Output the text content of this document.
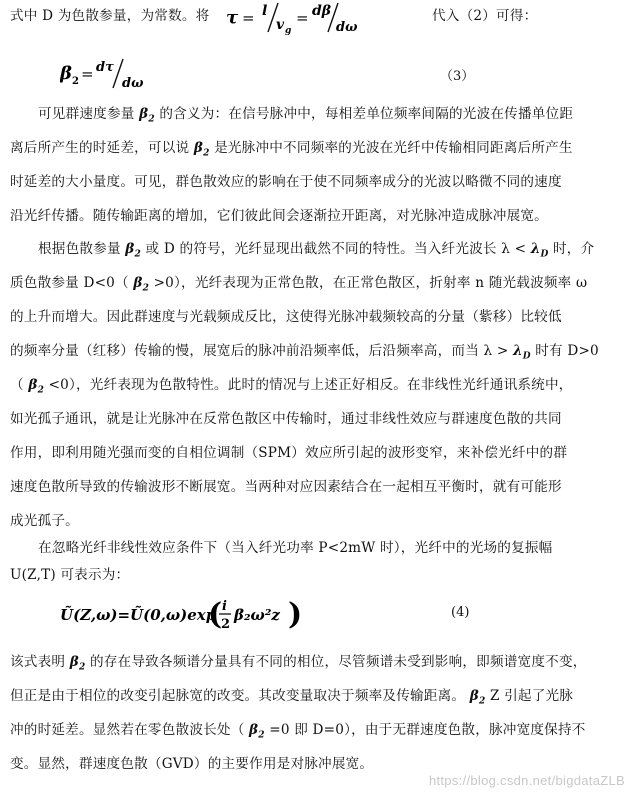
式中 D 为色散参量，为常数。将 τ = l
v g
= dβ
dω
代入（2）可得：
β 2 = dτ
dω	（3）
可见群速度参量 $\beta_2$ 的含义为：在信号脉冲中，每相差单位频率间隔的光波在传播单位距
离后所产生的时延差，可以说 $\beta_2$ 是光脉冲中不同频率的光波在光纤中传输相同距离后所产生
时延差的大小量度。可见，群色散效应的影响在于使不同频率成分的光波以略微不同的速度
沿光纤传播。随传输距离的增加，它们彼此间会逐渐拉开距离，对光脉冲造成脉冲展宽。
根据色散参量 $\beta_2$ 或 D 的符号，光纤显现出截然不同的特性。当入纤光波长 $\lambda < \lambda_D$ 时，介
质色散参量 D<0（ $\beta_2 >0$），光纤表现为正常色散，在正常色散区，折射率 n 随光载波频率 ω
的上升而增大。因此群速度与光载频成反比，这使得光脉冲载频较高的分量（紫移）比较低
的频率分量（红移）传输的慢，展宽后的脉冲前沿频率低，后沿频率高，而当 $\lambda > \lambda_D$ 时有 D>0
（ $\beta_2 <0$），光纤表现为色散特性。此时的情况与上述正好相反。在非线性光纤通讯系统中，
如光孤子通讯，就是让光脉冲在反常色散区中传输时，通过非线性效应与群速度色散的共同
作用，即利用随光强而变的自相位调制（SPM）效应所引起的波形变窄，来补偿光纤中的群
速度色散所导致的传输波形不断展宽。当两种对应因素结合在一起相互平衡时，就有可能形
成光孤子。
在忽略光纤非线性效应条件下（当入纤光功率 P<2mW 时），光纤中的光场的复振幅
U(Z,T) 可表示为：
Ũ(Z,ω)=Ũ(0,ω)exp
( i
2
β₂ω²z )	(4)
该式表明 $\beta_2$ 的存在导致各频谱分量具有不同的相位，尽管频谱未受到影响，即频谱宽度不变，
但正是由于相位的改变引起脉宽的改变。其改变量取决于频率及传输距离。 $\beta_2$ Z 引起了光脉
冲的时延差。显然若在零色散波长处（ $\beta_2 =0$ 即 D=0），由于无群速度色散，脉冲宽度保持不
变。显然，群速度色散（GVD）的主要作用是对脉冲展宽。
https://blog.csdn.net/bigdataZLB
